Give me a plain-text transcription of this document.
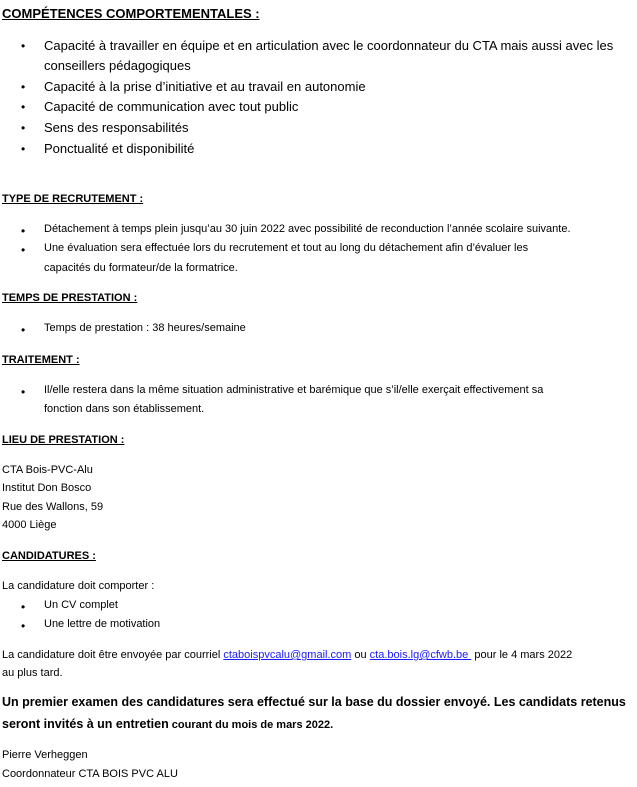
COMPÉTENCES COMPORTEMENTALES :
• Capacité à travailler en équipe et en articulation avec le coordonnateur du CTA mais aussi avec les
conseillers pédagogiques
• Capacité à la prise d’initiative et au travail en autonomie
• Capacité de communication avec tout public
• Sens des responsabilités
• Ponctualité et disponibilité
TYPE DE RECRUTEMENT :
• Détachement à temps plein jusqu’au 30 juin 2022 avec possibilité de reconduction l’année scolaire suivante.
• Une évaluation sera effectuée lors du recrutement et tout au long du détachement afin d’évaluer les
capacités du formateur/de la formatrice.
TEMPS DE PRESTATION :
• Temps de prestation : 38 heures/semaine
TRAITEMENT :
• Il/elle restera dans la même situation administrative et barémique que s’il/elle exerçait effectivement sa
fonction dans son établissement.
LIEU DE PRESTATION :
CTA Bois-PVC-Alu
Institut Don Bosco
Rue des Wallons, 59
4000 Liège
CANDIDATURES :
La candidature doit comporter :
• Un CV complet
• Une lettre de motivation
La candidature doit être envoyée par courriel ctaboispvcalu@gmail.com ou cta.bois.lg@cfwb.be  pour le 4 mars 2022
au plus tard.
Un premier examen des candidatures sera effectué sur la base du dossier envoyé. Les candidats retenus
seront invités à un entretien courant du mois de mars 2022.
Pierre Verheggen
Coordonnateur CTA BOIS PVC ALU
